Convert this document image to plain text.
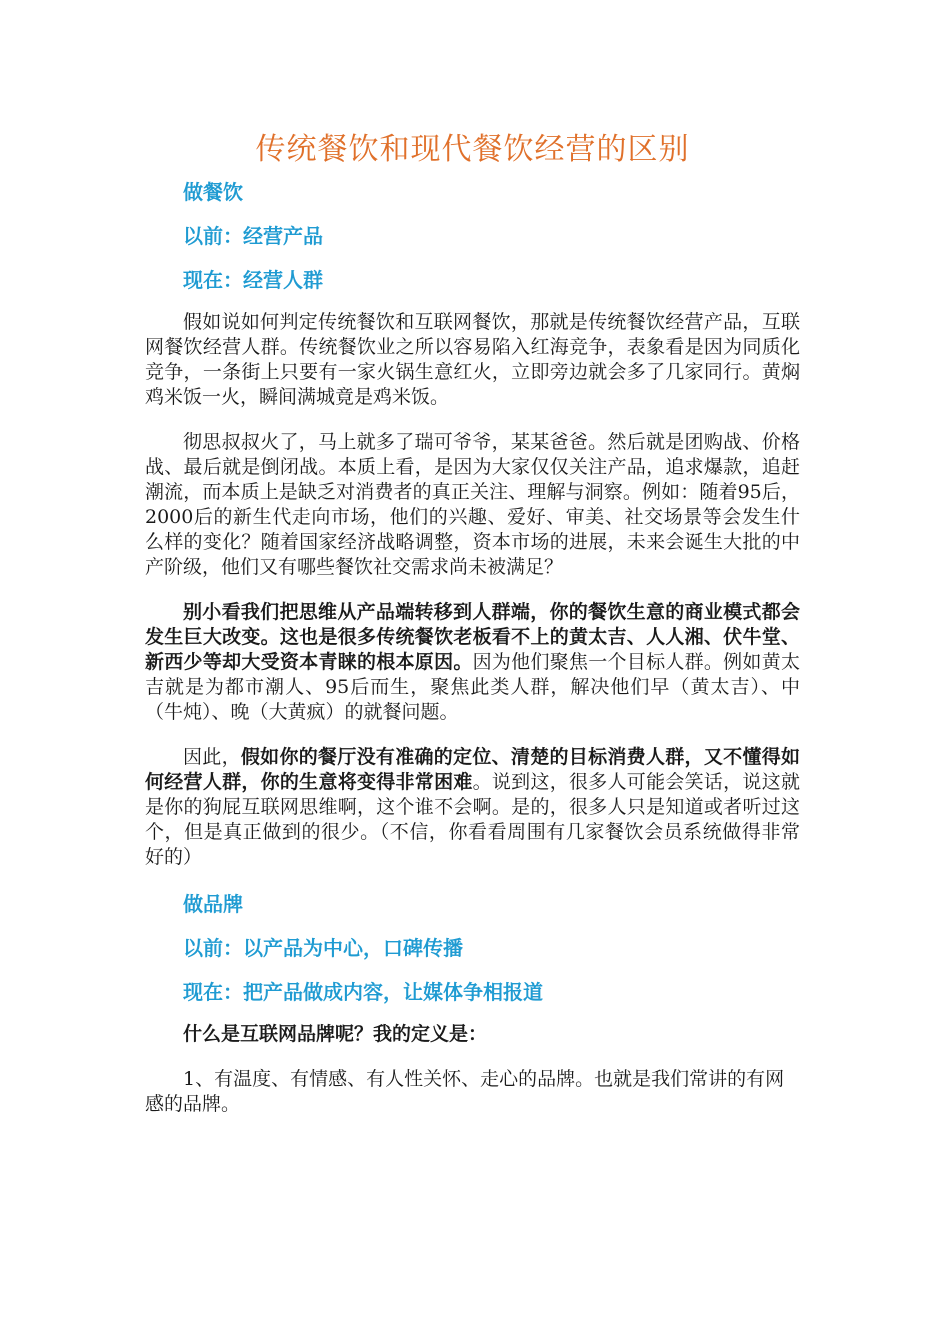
传统餐饮和现代餐饮经营的区别
做餐饮
以前：经营产品
现在：经营人群

假如说如何判定传统餐饮和互联网餐饮，那就是传统餐饮经营产品，互联网餐饮经营人群。传统餐饮业之所以容易陷入红海竞争，表象看是因为同质化竞争，一条街上只要有一家火锅生意红火，立即旁边就会多了几家同行。黄焖鸡米饭一火，瞬间满城竟是鸡米饭。

彻思叔叔火了，马上就多了瑞可爷爷，某某爸爸。然后就是团购战、价格战、最后就是倒闭战。本质上看，是因为大家仅仅关注产品，追求爆款，追赶潮流，而本质上是缺乏对消费者的真正关注、理解与洞察。例如：随着95后，2000后的新生代走向市场，他们的兴趣、爱好、审美、社交场景等会发生什么样的变化？随着国家经济战略调整，资本市场的进展，未来会诞生大批的中产阶级，他们又有哪些餐饮社交需求尚未被满足？

别小看我们把思维从产品端转移到人群端，你的餐饮生意的商业模式都会发生巨大改变。这也是很多传统餐饮老板看不上的黄太吉、人人湘、伏牛堂、新西少等却大受资本青睐的根本原因。因为他们聚焦一个目标人群。例如黄太吉就是为都市潮人、95后而生，聚焦此类人群，解决他们早（黄太吉）、中（牛炖）、晚（大黄疯）的就餐问题。

因此，假如你的餐厅没有准确的定位、清楚的目标消费人群，又不懂得如何经营人群，你的生意将变得非常困难。说到这，很多人可能会笑话，说这就是你的狗屁互联网思维啊，这个谁不会啊。是的，很多人只是知道或者听过这个，但是真正做到的很少。（不信，你看看周围有几家餐饮会员系统做得非常好的）

做品牌
以前：以产品为中心，口碑传播
现在：把产品做成内容，让媒体争相报道
什么是互联网品牌呢？我的定义是：

1、有温度、有情感、有人性关怀、走心的品牌。也就是我们常讲的有网感的品牌。
